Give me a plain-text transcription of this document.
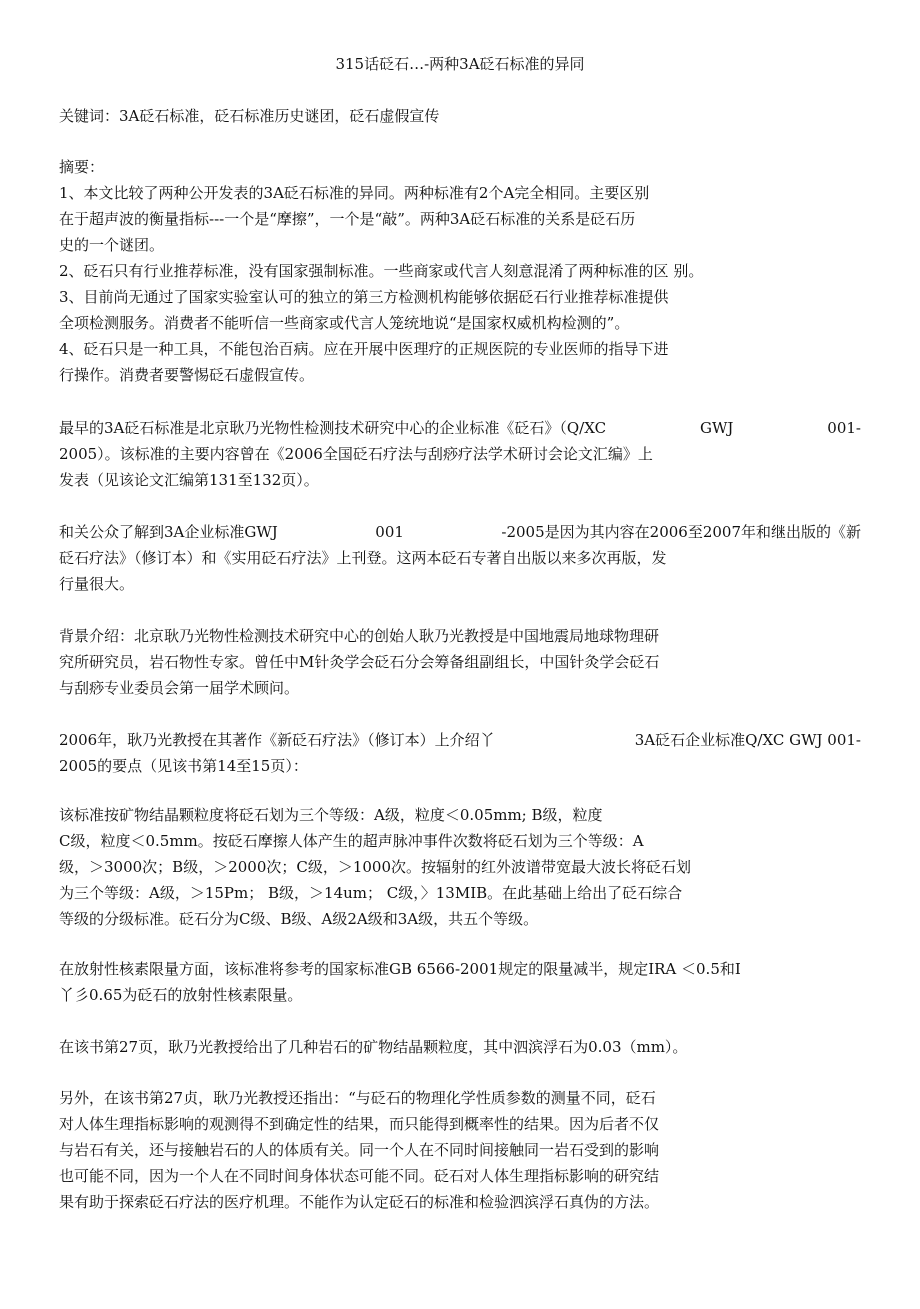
315话砭石…-两种3A砭石标准的异同
关键词：3A砭石标准，砭石标准历史谜团，砭石虚假宣传
摘要：
1、本文比较了两种公开发表的3A砭石标准的异同。两种标准有2个A完全相同。主要区别
在于超声波的衡量指标---一个是“摩擦”，一个是“敲”。两种3A砭石标准的关系是砭石历
史的一个谜团。
2、砭石只有行业推荐标准，没有国家强制标准。一些商家或代言人刻意混淆了两种标准的区 别。
3、目前尚无通过了国家实验室认可的独立的第三方检测机构能够依据砭石行业推荐标准提供
全项检测服务。消费者不能听信一些商家或代言人笼统地说“是国家权威机构检测的”。
4、砭石只是一种工具，不能包治百病。应在开展中医理疗的正规医院的专业医师的指导下进
行操作。消费者要警惕砭石虚假宣传。
最早的3A砭石标准是北京耿乃光物性检测技术研究中心的企业标准《砭石》（Q/XC	GWJ	001-
2005）。该标准的主要内容曾在《2006全国砭石疗法与刮痧疗法学术研讨会论文汇编》上
发表（见该论文汇编第131至132页）。
和关公众了解到3A企业标准GWJ	001	-2005是因为其内容在2006至2007年和继出版的《新
砭石疗法》（修订本）和《实用砭石疗法》上刊登。这两本砭石专著自出版以来多次再版，发
行量很大。
背景介绍：北京耿乃光物性检测技术研究中心的创始人耿乃光教授是中国地震局地球物理研
究所研究员，岩石物性专家。曾任中M针灸学会砭石分会筹备组副组长，中国针灸学会砭石
与刮痧专业委员会第一届学术顾问。
2006年，耿乃光教授在其著作《新砭石疗法》（修订本）上介绍丫	3A砭石企业标准Q/XC GWJ 001-
2005的要点（见该书第14至15页）：
该标准按矿物结晶颗粒度将砭石划为三个等级：A级，粒度＜0.05mm; B级，粒度
C级，粒度＜0.5mm。按砭石摩擦人体产生的超声脉冲事件次数将砭石划为三个等级：A
级，＞3000次；B级，＞2000次；C级，＞1000次。按辐射的红外波谱带宽最大波长将砭石划
为三个等级：A级，＞15Pm； B级，＞14um； C级，〉13MIB。在此基础上给出了砭石综合
等级的分级标准。砭石分为C级、B级、A级2A级和3A级，共五个等级。
在放射性核素限量方面，该标准将参考的国家标准GB 6566-2001规定的限量减半，规定IRA ＜0.5和I
丫彡0.65为砭石的放射性核素限量。
在该书第27页，耿乃光教授给出了几种岩石的矿物结晶颗粒度，其中泗滨浮石为0.03（mm）。
另外，在该书第27贞，耿乃光教授还指出：“与砭石的物理化学性质参数的测量不同，砭石
对人体生理指标影响的观测得不到确定性的结果，而只能得到概率性的结果。因为后者不仅
与岩石有关，还与接触岩石的人的体质有关。同一个人在不同时间接触同一岩石受到的影响
也可能不同，因为一个人在不同时间身体状态可能不同。砭石对人体生理指标影响的研究结
果有助于探索砭石疗法的医疗机理。不能作为认定砭石的标准和检验泗滨浮石真伪的方法。
